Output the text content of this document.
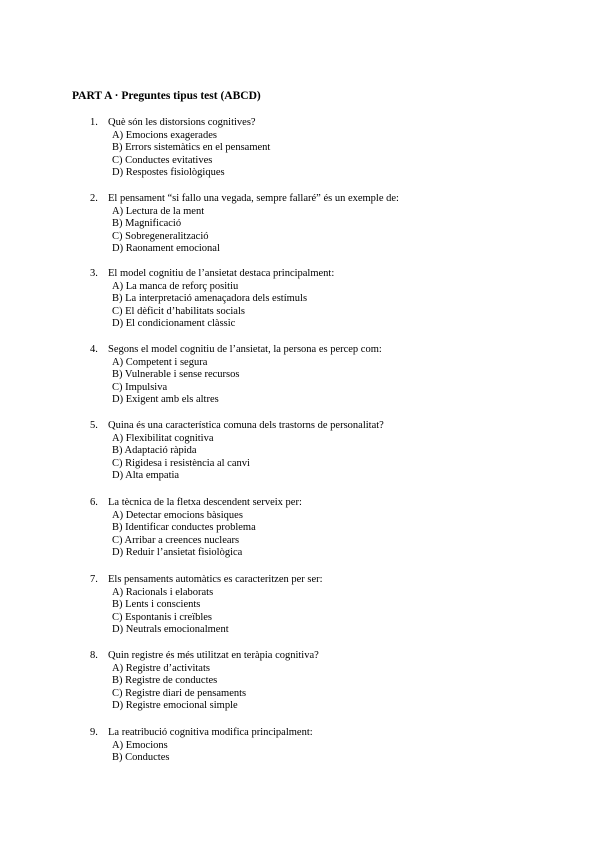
PART A · Preguntes tipus test (ABCD)
1. Què són les distorsions cognitives?
A) Emocions exagerades
B) Errors sistemàtics en el pensament
C) Conductes evitatives
D) Respostes fisiològiques
2. El pensament “si fallo una vegada, sempre fallaré” és un exemple de:
A) Lectura de la ment
B) Magnificació
C) Sobregeneralització
D) Raonament emocional
3. El model cognitiu de l’ansietat destaca principalment:
A) La manca de reforç positiu
B) La interpretació amenaçadora dels estímuls
C) El dèficit d’habilitats socials
D) El condicionament clàssic
4. Segons el model cognitiu de l’ansietat, la persona es percep com:
A) Competent i segura
B) Vulnerable i sense recursos
C) Impulsiva
D) Exigent amb els altres
5. Quina és una característica comuna dels trastorns de personalitat?
A) Flexibilitat cognitiva
B) Adaptació ràpida
C) Rigidesa i resistència al canvi
D) Alta empatia
6. La tècnica de la fletxa descendent serveix per:
A) Detectar emocions bàsiques
B) Identificar conductes problema
C) Arribar a creences nuclears
D) Reduir l’ansietat fisiològica
7. Els pensaments automàtics es caracteritzen per ser:
A) Racionals i elaborats
B) Lents i conscients
C) Espontanis i creïbles
D) Neutrals emocionalment
8. Quin registre és més utilitzat en teràpia cognitiva?
A) Registre d’activitats
B) Registre de conductes
C) Registre diari de pensaments
D) Registre emocional simple
9. La reatribució cognitiva modifica principalment:
A) Emocions
B) Conductes
